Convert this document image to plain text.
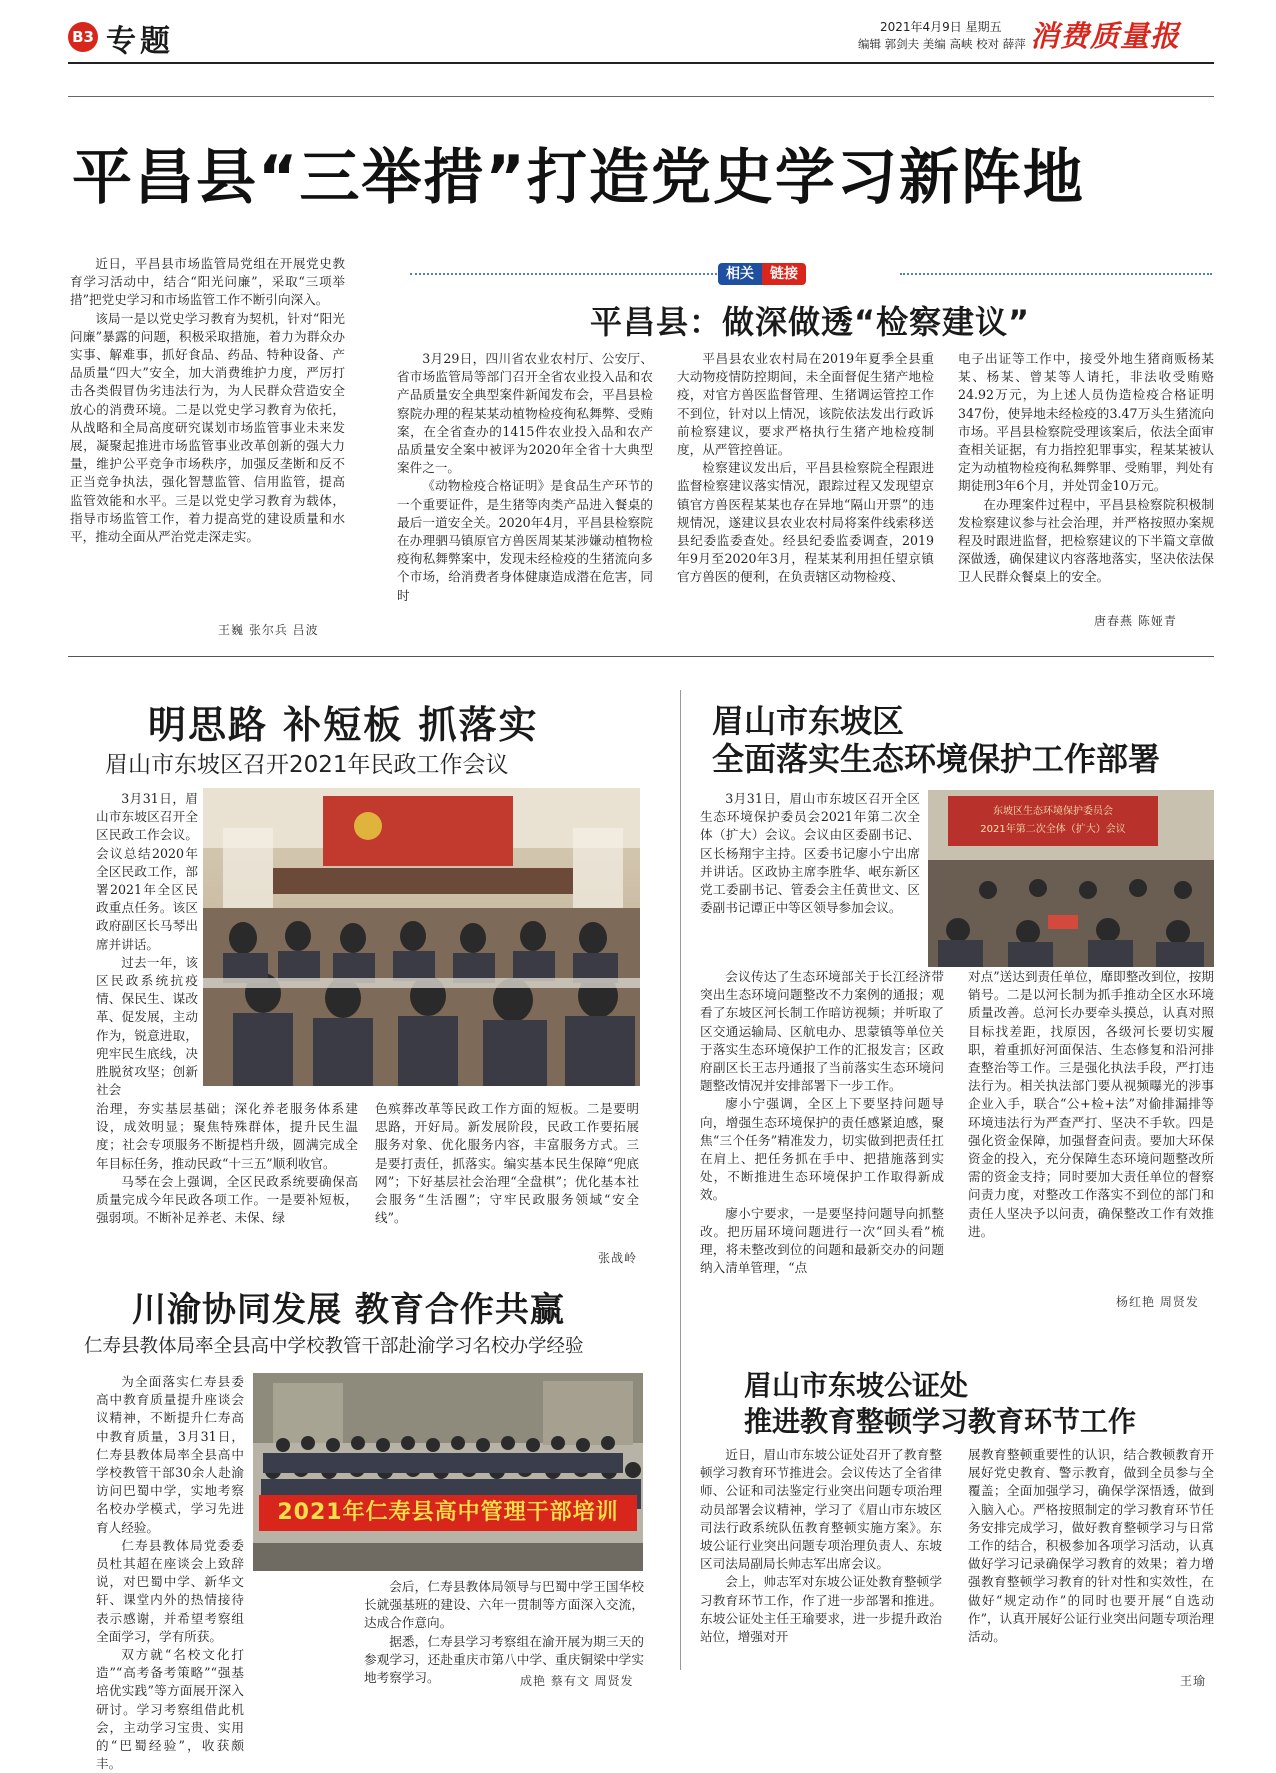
B3 专题	2021年4月9日 星期五
编辑 郭剑夫 美编 高峡 校对 薛萍 消费质量报
平昌县“三举措”打造党史学习新阵地

近日，平昌县市场监管局党组在开展党史教育学习活动中，结合“阳光问廉”，采取“三项举措”把党史学习和市场监管工作不断引向深入。

该局一是以党史学习教育为契机，针对“阳光问廉”暴露的问题，积极采取措施，着力为群众办实事、解难事，抓好食品、药品、特种设备、产品质量“四大”安全，加大消费维护力度，严厉打击各类假冒伪劣违法行为，为人民群众营造安全放心的消费环境。二是以党史学习教育为依托，从战略和全局高度研究谋划市场监管事业未来发展，凝聚起推进市场监管事业改革创新的强大力量，维护公平竞争市场秩序，加强反垄断和反不正当竞争执法，强化智慧监管、信用监管，提高监管效能和水平。三是以党史学习教育为载体，指导市场监管工作，着力提高党的建设质量和水平，推动全面从严治党走深走实。

王巍 张尔兵 吕波
相关	链接
平昌县：做深做透“检察建议”

3月29日，四川省农业农村厅、公安厅、省市场监管局等部门召开全省农业投入品和农产品质量安全典型案件新闻发布会，平昌县检察院办理的程某某动植物检疫徇私舞弊、受贿案，在全省查办的1415件农业投入品和农产品质量安全案中被评为2020年全省十大典型案件之一。

《动物检疫合格证明》是食品生产环节的一个重要证件，是生猪等肉类产品进入餐桌的最后一道安全关。2020年4月，平昌县检察院在办理驷马镇原官方兽医周某某涉嫌动植物检疫徇私舞弊案中，发现未经检疫的生猪流向多个市场，给消费者身体健康造成潜在危害，同时

平昌县农业农村局在2019年夏季全县重大动物疫情防控期间，未全面督促生猪产地检疫，对官方兽医监督管理、生猪调运管控工作不到位，针对以上情况，该院依法发出行政诉前检察建议，要求严格执行生猪产地检疫制度，从严管控兽证。

检察建议发出后，平昌县检察院全程跟进监督检察建议落实情况，跟踪过程又发现望京镇官方兽医程某某也存在异地“隔山开票”的违规情况，遂建议县农业农村局将案件线索移送县纪委监委查处。经县纪委监委调查，2019年9月至2020年3月，程某某利用担任望京镇官方兽医的便利，在负责辖区动物检疫、

电子出证等工作中，接受外地生猪商贩杨某某、杨某、曾某等人请托，非法收受贿赂24.92万元，为上述人员伪造检疫合格证明347份，使异地未经检疫的3.47万头生猪流向市场。平昌县检察院受理该案后，依法全面审查相关证据，有力指控犯罪事实，程某某被认定为动植物检疫徇私舞弊罪、受贿罪，判处有期徒刑3年6个月，并处罚金10万元。

在办理案件过程中，平昌县检察院积极制发检察建议参与社会治理，并严格按照办案规程及时跟进监督，把检察建议的下半篇文章做深做透，确保建议内容落地落实，坚决依法保卫人民群众餐桌上的安全。

唐春燕 陈娅青
明思路 补短板 抓落实
眉山市东坡区召开2021年民政工作会议

3月31日，眉山市东坡区召开全区民政工作会议。会议总结2020年全区民政工作，部署2021年全区民政重点任务。该区政府副区长马琴出席并讲话。

过去一年，该区民政系统抗疫情、保民生、谋改革、促发展，主动作为，锐意进取，兜牢民生底线，决胜脱贫攻坚；创新社会

治理，夯实基层基础；深化养老服务体系建设，成效明显；聚焦特殊群体，提升民生温度；社会专项服务不断提档升级，圆满完成全年目标任务，推动民政“十三五”顺利收官。

马琴在会上强调，全区民政系统要确保高质量完成今年民政各项工作。一是要补短板，强弱项。不断补足养老、未保、绿

色殡葬改革等民政工作方面的短板。二是要明思路，开好局。新发展阶段，民政工作要拓展服务对象、优化服务内容，丰富服务方式。三是要打责任，抓落实。编实基本民生保障“兜底网”；下好基层社会治理“全盘棋”；优化基本社会服务“生活圈”；守牢民政服务领域“安全线”。

张战岭
川渝协同发展 教育合作共赢
仁寿县教体局率全县高中学校教管干部赴渝学习名校办学经验

为全面落实仁寿县委高中教育质量提升座谈会议精神，不断提升仁寿高中教育质量，3月31日，仁寿县教体局率全县高中学校教管干部30余人赴渝访问巴蜀中学，实地考察名校办学模式，学习先进育人经验。

仁寿县教体局党委委员杜其超在座谈会上致辞说，对巴蜀中学、新华文轩、课堂内外的热情接待表示感谢，并希望考察组全面学习，学有所获。

双方就“名校文化打造”“高考备考策略”“强基培优实践”等方面展开深入研讨。学习考察组借此机会，主动学习宝贵、实用的“巴蜀经验”，收获颇丰。

2021年仁寿县高中管理干部培训

会后，仁寿县教体局领导与巴蜀中学王国华校长就强基班的建设、六年一贯制等方面深入交流，达成合作意向。

据悉，仁寿县学习考察组在渝开展为期三天的参观学习，还赴重庆市第八中学、重庆铜梁中学实地考察学习。	成艳 蔡有文 周贤发
眉山市东坡区
全面落实生态环境保护工作部署

3月31日，眉山市东坡区召开全区生态环境保护委员会2021年第二次全体（扩大）会议。会议由区委副书记、区长杨翔宇主持。区委书记廖小宁出席并讲话。区政协主席李胜华、岷东新区党工委副书记、管委会主任黄世文、区委副书记谭正中等区领导参加会议。

东坡区生态环境保护委员会
2021年第二次全体（扩大）会议

会议传达了生态环境部关于长江经济带突出生态环境问题整改不力案例的通报；观看了东坡区河长制工作暗访视频；并听取了区交通运输局、区航电办、思蒙镇等单位关于落实生态环境保护工作的汇报发言；区政府副区长王志丹通报了当前落实生态环境问题整改情况并安排部署下一步工作。

廖小宁强调，全区上下要坚持问题导向，增强生态环境保护的责任感紧迫感，聚焦“三个任务”精准发力，切实做到把责任扛在肩上、把任务抓在手中、把措施落到实处，不断推进生态环境保护工作取得新成效。

廖小宁要求，一是要坚持问题导向抓整改。把历届环境问题进行一次“回头看”梳理，将未整改到位的问题和最新交办的问题纳入清单管理，“点

对点”送达到责任单位，靡即整改到位，按期销号。二是以河长制为抓手推动全区水环境质量改善。总河长办要牵头摸总，认真对照目标找差距，找原因，各级河长要切实履职，着重抓好河面保洁、生态修复和沿河排查整治等工作。三是强化执法手段，严打违法行为。相关执法部门要从视频曝光的涉事企业入手，联合“公+检+法”对偷排漏排等环境违法行为严查严打、坚决不手软。四是强化资金保障，加强督查问责。要加大环保资金的投入，充分保障生态环境问题整改所需的资金支持；同时要加大责任单位的督察问责力度，对整改工作落实不到位的部门和责任人坚决予以问责，确保整改工作有效推进。

杨红艳 周贤发
眉山市东坡公证处
推进教育整顿学习教育环节工作

近日，眉山市东坡公证处召开了教育整顿学习教育环节推进会。会议传达了全省律师、公证和司法鉴定行业突出问题专项治理动员部署会议精神，学习了《眉山市东坡区司法行政系统队伍教育整顿实施方案》。东坡公证行业突出问题专项治理负责人、东坡区司法局副局长帅志军出席会议。

会上，帅志军对东坡公证处教育整顿学习教育环节工作，作了进一步部署和推进。东坡公证处主任王瑜要求，进一步提升政治站位，增强对开

展教育整顿重要性的认识，结合教顿教育开展好党史教育、警示教育，做到全员参与全覆盖；全面加强学习，确保学深悟透，做到入脑入心。严格按照制定的学习教育环节任务安排完成学习，做好教育整顿学习与日常工作的结合，积极参加各项学习活动，认真做好学习记录确保学习教育的效果；着力增强教育整顿学习教育的针对性和实效性，在做好“规定动作”的同时也要开展“自选动作”，认真开展好公证行业突出问题专项治理活动。

王瑜
